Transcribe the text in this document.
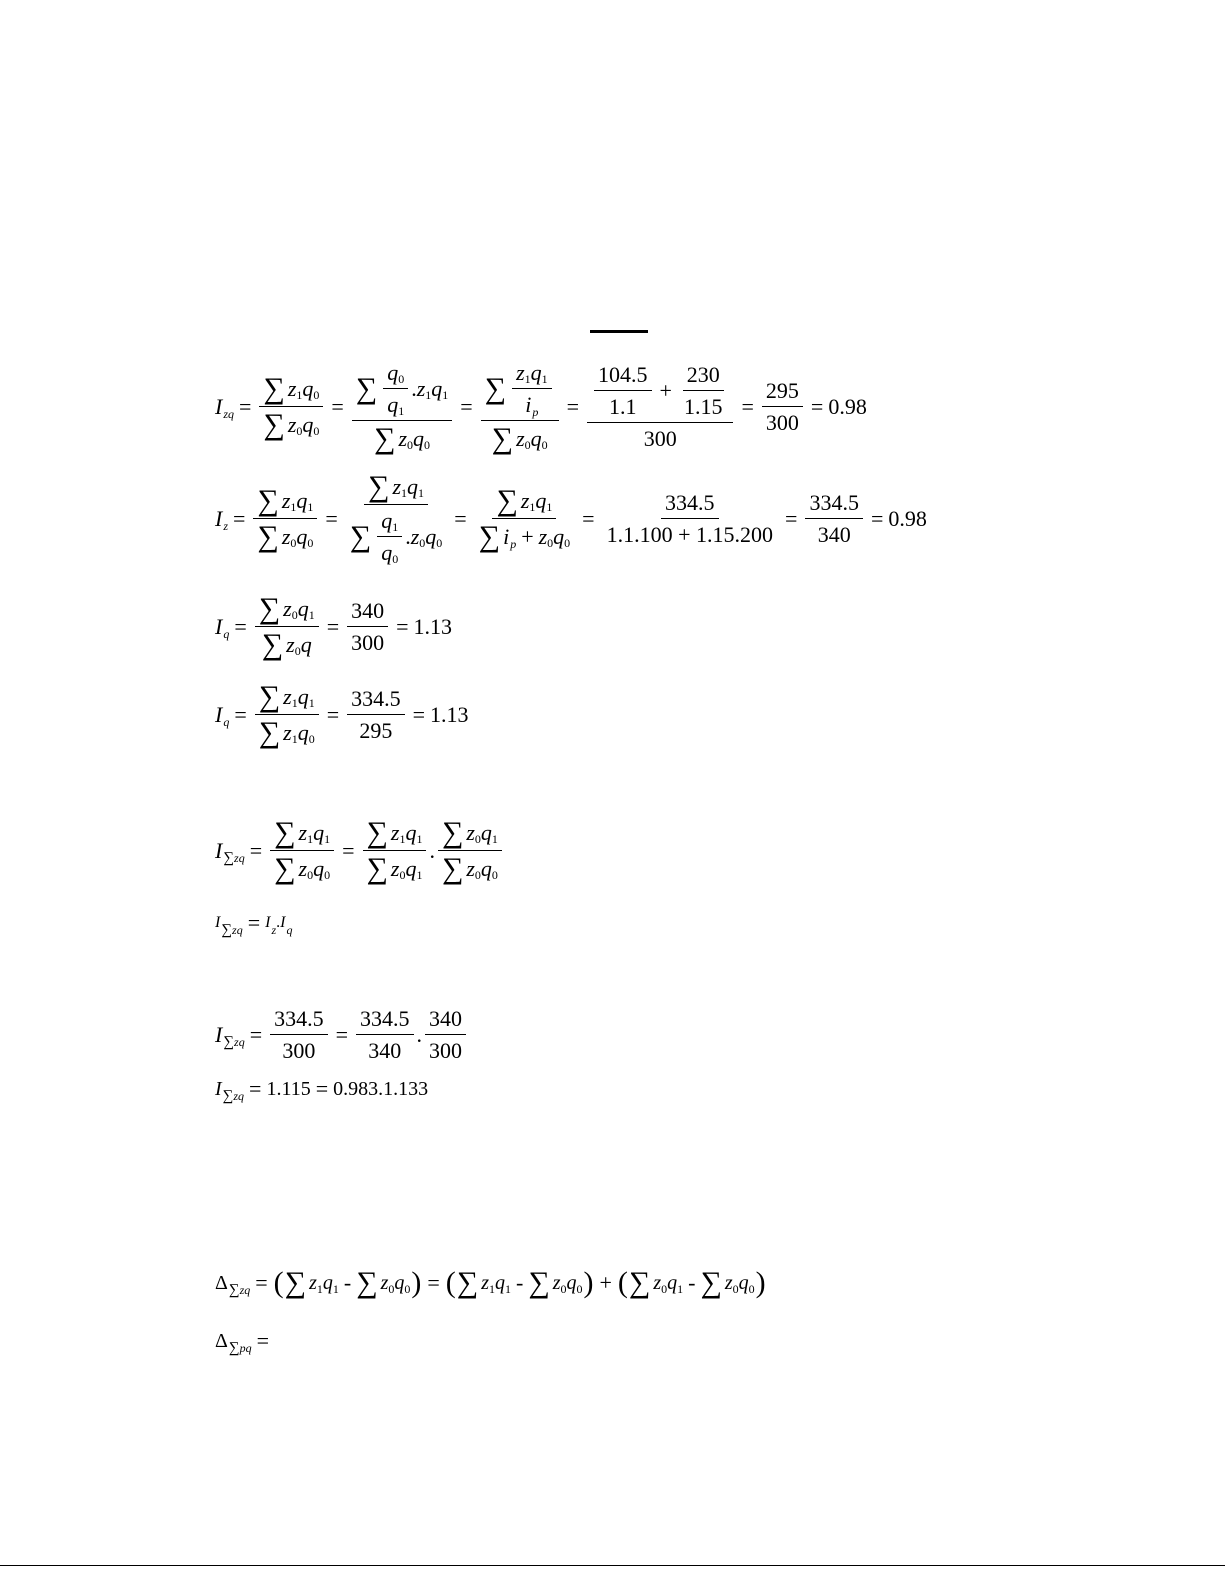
I zq = $\frac{\sum z 1 q 0}{\sum z 0 q 0} = \frac{\sum \frac{q 0}{q 1} . z 1 q 1}{\sum z 0 q 0} = \frac{\sum \frac{z 1 q 1}{\text{i p}}}{\sum z 0 q 0} = \frac{\frac{104.5}{1.1} + \frac{230}{1.15}}{300} = \frac{295}{300} = 0.98$
I $z = \frac{\sum z 1 q 1}{\sum z 0 q 0} = \frac{\sum z 1 q 1}{\sum \frac{q 1}{q 0} . z 0 q 0} = \frac{\sum z 1 q 1}{\text{∑ i p + z 0 q 0}} = \frac{334.5}{1.1.100 + 1.15.200} = \frac{334.5}{340} = 0.98$
I $q = \frac{\sum z 0 q 1}{\sum z 0 q} = \frac{340}{300} = 1.13$
I $q = \frac{\sum z 1 q 1}{\sum z 1 q 0} = \frac{334.5}{295} = 1.13$
I $\sum zq = \frac{\sum z 1 q 1}{\sum z 0 q 0} = \frac{\sum z 1 q 1}{\sum z 0 q 1}$ . $\frac{\sum z 0 q 1}{\sum z 0 q 0}$
I ∑zq = I z . I q
I $\sum zq = \frac{334.5}{300} = \frac{334.5}{340}$ . $\frac{340}{300}$
I ∑zq = 1.115 = 0.983.1.133
Δ ∑zq = ( ∑ z 1 q 1 - ∑ z 0 q 0 ) = ( ∑ z 1 q 1 - ∑ z 0 q 0 ) + ( ∑ z 0 q 1 - ∑ z 0 q 0 )
Δ ∑pq =
